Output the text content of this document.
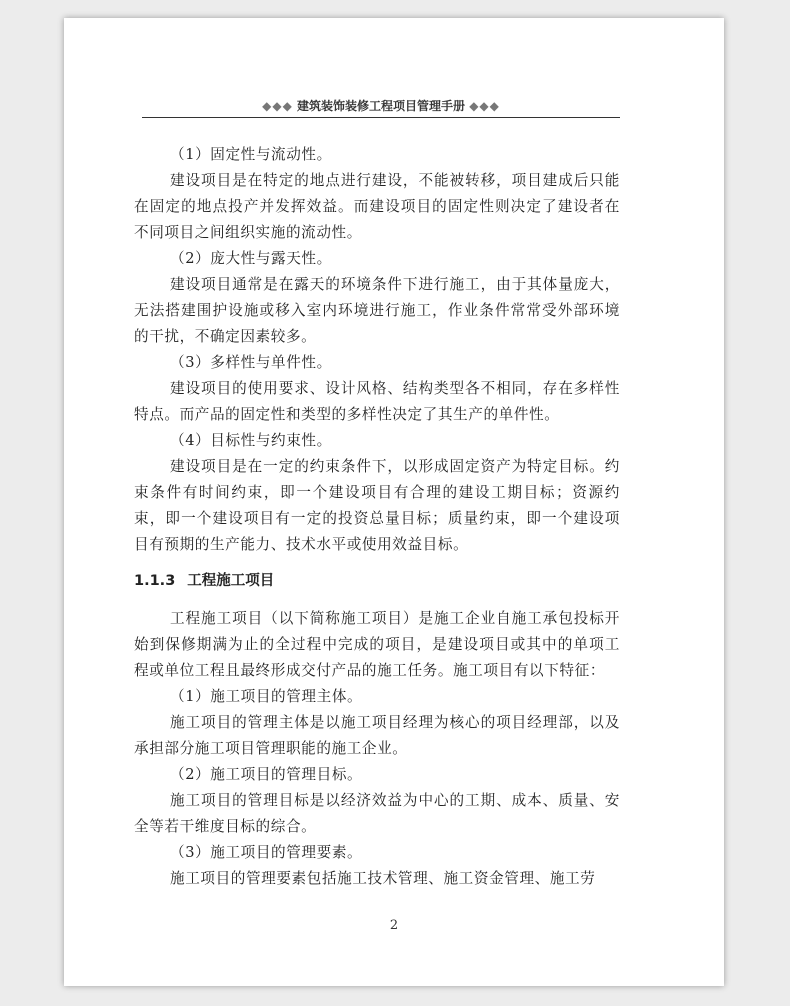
◆◆◆ 建筑装饰装修工程项目管理手册 ◆◆◆

（1）固定性与流动性。

建设项目是在特定的地点进行建设，不能被转移，项目建成后只能在固定的地点投产并发挥效益。而建设项目的固定性则决定了建设者在不同项目之间组织实施的流动性。

（2）庞大性与露天性。

建设项目通常是在露天的环境条件下进行施工，由于其体量庞大，无法搭建围护设施或移入室内环境进行施工，作业条件常常受外部环境的干扰，不确定因素较多。

（3）多样性与单件性。

建设项目的使用要求、设计风格、结构类型各不相同，存在多样性特点。而产品的固定性和类型的多样性决定了其生产的单件性。

（4）目标性与约束性。

建设项目是在一定的约束条件下，以形成固定资产为特定目标。约束条件有时间约束，即一个建设项目有合理的建设工期目标；资源约束，即一个建设项目有一定的投资总量目标；质量约束，即一个建设项目有预期的生产能力、技术水平或使用效益目标。

1.1.3 工程施工项目

工程施工项目（以下简称施工项目）是施工企业自施工承包投标开始到保修期满为止的全过程中完成的项目，是建设项目或其中的单项工程或单位工程且最终形成交付产品的施工任务。施工项目有以下特征：

（1）施工项目的管理主体。

施工项目的管理主体是以施工项目经理为核心的项目经理部，以及承担部分施工项目管理职能的施工企业。

（2）施工项目的管理目标。

施工项目的管理目标是以经济效益为中心的工期、成本、质量、安全等若干维度目标的综合。

（3）施工项目的管理要素。

施工项目的管理要素包括施工技术管理、施工资金管理、施工劳

2
